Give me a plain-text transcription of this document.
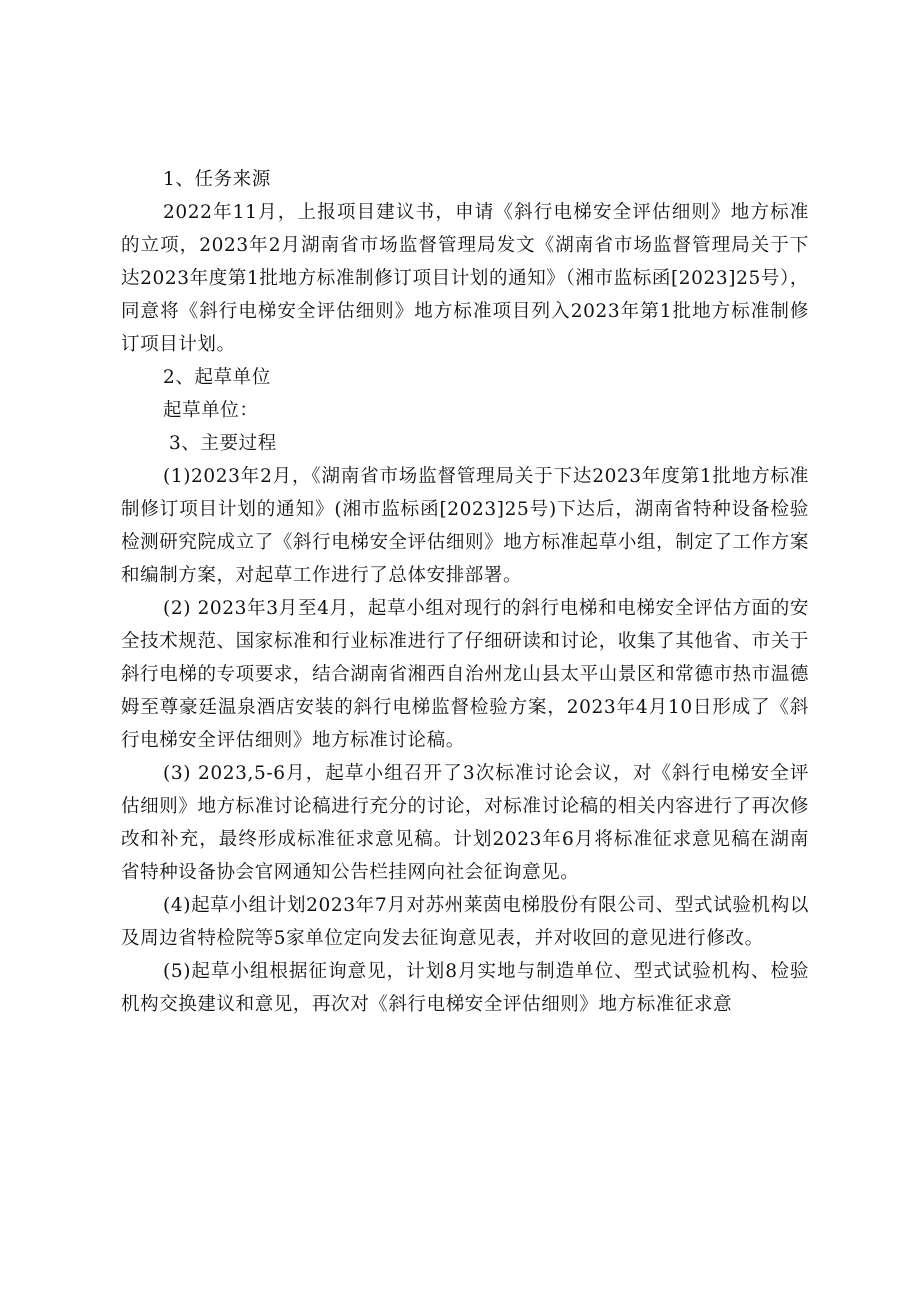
1、任务来源

2022年11月，上报项目建议书，申请《斜行电梯安全评估细则》地方标准的立项，2023年2月湖南省市场监督管理局发文《湖南省市场监督管理局关于下达2023年度第1批地方标准制修订项目计划的通知》（湘市监标函[2023]25号），同意将《斜行电梯安全评估细则》地方标准项目列入2023年第1批地方标准制修订项目计划。

2、起草单位

起草单位：

3、主要过程

(1)2023年2月，《湖南省市场监督管理局关于下达2023年度第1批地方标准制修订项目计划的通知》(湘市监标函[2023]25号)下达后，湖南省特种设备检验检测研究院成立了《斜行电梯安全评估细则》地方标准起草小组，制定了工作方案和编制方案，对起草工作进行了总体安排部署。

(2) 2023年3月至4月，起草小组对现行的斜行电梯和电梯安全评估方面的安全技术规范、国家标准和行业标准进行了仔细研读和讨论，收集了其他省、市关于斜行电梯的专项要求，结合湖南省湘西自治州龙山县太平山景区和常德市热市温德姆至尊豪廷温泉酒店安装的斜行电梯监督检验方案，2023年4月10日形成了《斜行电梯安全评估细则》地方标准讨论稿。

(3) 2023,5-6月，起草小组召开了3次标准讨论会议，对《斜行电梯安全评估细则》地方标准讨论稿进行充分的讨论，对标准讨论稿的相关内容进行了再次修改和补充，最终形成标准征求意见稿。计划2023年6月将标准征求意见稿在湖南省特种设备协会官网通知公告栏挂网向社会征询意见。

(4)起草小组计划2023年7月对苏州莱茵电梯股份有限公司、型式试验机构以及周边省特检院等5家单位定向发去征询意见表，并对收回的意见进行修改。

(5)起草小组根据征询意见，计划8月实地与制造单位、型式试验机构、检验机构交换建议和意见，再次对《斜行电梯安全评估细则》地方标准征求意
